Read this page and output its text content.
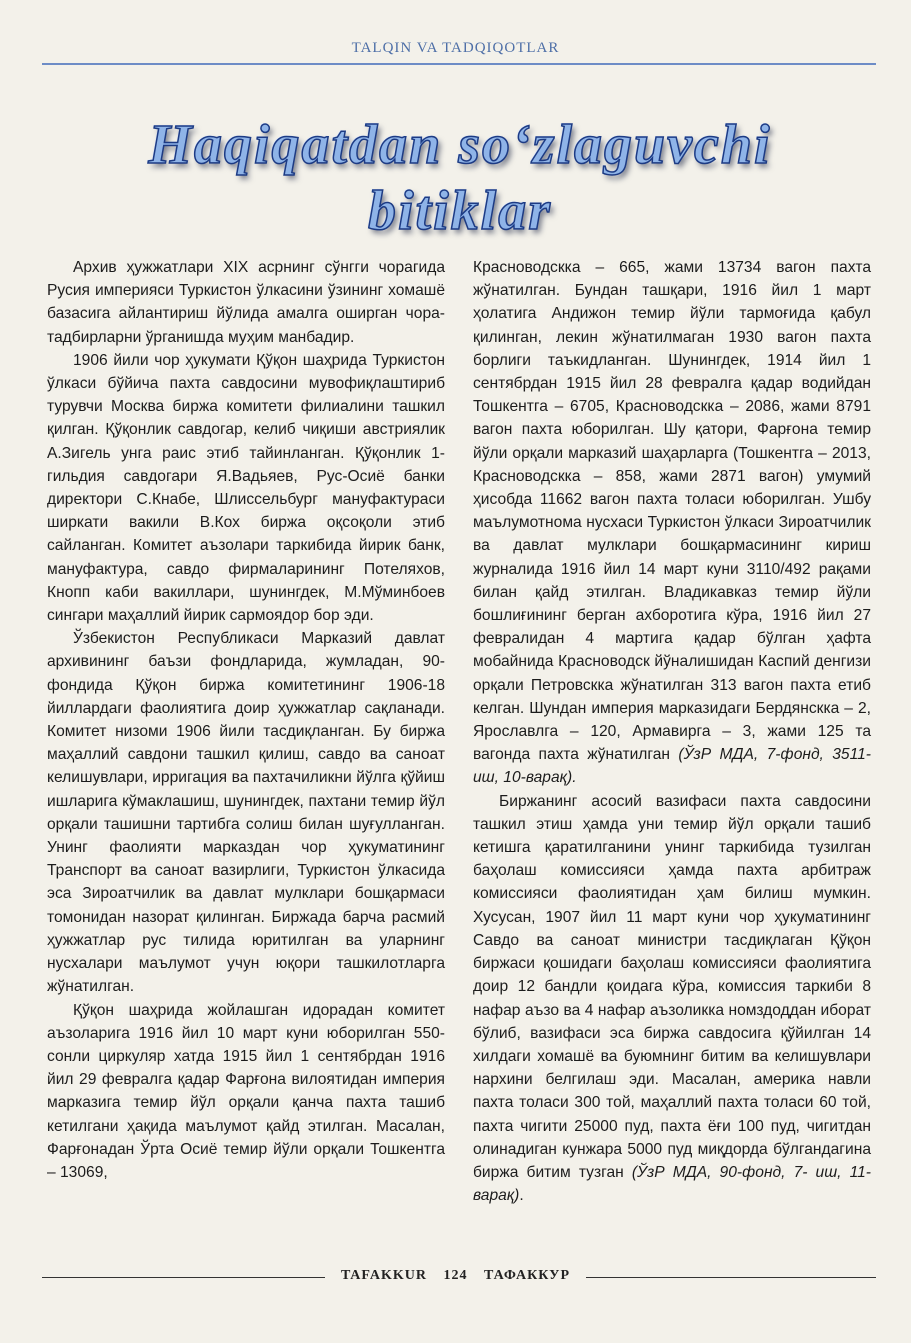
TALQIN VA TADQIQOTLAR
Haqiqatdan so‘zlaguvchi
bitiklar

Архив ҳужжатлари XIX асрнинг сўнгги чорагида Русия империяси Туркистон ўлкасини ўзининг хомашё базасига айлантириш йўлида амалга оширган чора-тадбирларни ўрганишда муҳим манбадир.

1906 йили чор ҳукумати Қўқон шаҳрида Туркистон ўлкаси бўйича пахта савдосини мувофиқлаштириб турувчи Москва биржа комитети филиалини ташкил қилган. Қўқонлик савдогар, келиб чиқиши австриялик А.Зигель унга раис этиб тайинланган. Қўқонлик 1-гильдия савдогари Я.Вадьяев, Рус-Осиё банки директори С.Кнабе, Шлиссельбург мануфактураси ширкати вакили В.Кох биржа оқсоқоли этиб сайланган. Комитет аъзолари таркибида йирик банк, мануфактура, савдо фирмаларининг Потеляхов, Кнопп каби вакиллари, шунингдек, М.Мўминбоев сингари маҳаллий йирик сармоядор бор эди.

Ўзбекистон Республикаси Марказий давлат архивининг баъзи фондларида, жумладан, 90-фондида Қўқон биржа комитетининг 1906-18 йиллардаги фаолиятига доир ҳужжатлар сақланади. Комитет низоми 1906 йили тасдиқланган. Бу биржа маҳаллий савдони ташкил қилиш, савдо ва саноат келишувлари, ирригация ва пахтачиликни йўлга қўйиш ишларига кўмаклашиш, шунингдек, пахтани темир йўл орқали ташишни тартибга солиш билан шуғулланган. Унинг фаолияти марказдан чор ҳукуматининг Транспорт ва саноат вазирлиги, Туркистон ўлкасида эса Зироатчилик ва давлат мулклари бошқармаси томонидан назорат қилинган. Биржада барча расмий ҳужжатлар рус тилида юритилган ва уларнинг нусхалари маълумот учун юқори ташкилотларга жўнатилган.

Қўқон шаҳрида жойлашган идорадан комитет аъзоларига 1916 йил 10 март куни юборилган 550-сонли циркуляр хатда 1915 йил 1 сентябрдан 1916 йил 29 февралга қадар Фарғона вилоятидан империя марказига темир йўл орқали қанча пахта ташиб кетилгани ҳақида маълумот қайд этилган. Масалан, Фарғонадан Ўрта Осиё темир йўли орқали Тошкентга – 13069,

Красноводскка – 665, жами 13734 вагон пахта жўнатилган. Бундан ташқари, 1916 йил 1 март ҳолатига Андижон темир йўли тармоғида қабул қилинган, лекин жўнатилмаган 1930 вагон пахта борлиги таъкидланган. Шунингдек, 1914 йил 1 сентябрдан 1915 йил 28 февралга қадар водийдан Тошкентга – 6705, Красноводскка – 2086, жами 8791 вагон пахта юборилган. Шу қатори, Фарғона темир йўли орқали марказий шаҳарларга (Тошкентга – 2013, Красноводскка – 858, жами 2871 вагон) умумий ҳисобда 11662 вагон пахта толаси юборилган. Ушбу маълумотнома нусхаси Туркистон ўлкаси Зироатчилик ва давлат мулклари бошқармасининг кириш журналида 1916 йил 14 март куни 3110/492 рақами билан қайд этилган. Владикавказ темир йўли бошлиғининг берган ахборотига кўра, 1916 йил 27 февралидан 4 мартига қадар бўлган ҳафта мобайнида Красноводск йўналишидан Каспий денгизи орқали Петровскка жўнатилган 313 вагон пахта етиб келган. Шундан империя марказидаги Бердянскка – 2, Ярославлга – 120, Армавирга – 3, жами 125 та вагонда пахта жўнатилган (ЎзР МДА, 7-фонд, 3511-иш, 10-варақ).

Биржанинг асосий вазифаси пахта савдосини ташкил этиш ҳамда уни темир йўл орқали ташиб кетишга қаратилганини унинг таркибида тузилган баҳолаш комиссияси ҳамда пахта арбитраж комиссияси фаолиятидан ҳам билиш мумкин. Хусусан, 1907 йил 11 март куни чор ҳукуматининг Савдо ва саноат министри тасдиқлаган Қўқон биржаси қошидаги баҳолаш комиссияси фаолиятига доир 12 бандли қоидага кўра, комиссия таркиби 8 нафар аъзо ва 4 нафар аъзоликка номздоддан иборат бўлиб, вазифаси эса биржа савдосига қўйилган 14 хилдаги хомашё ва буюмнинг битим ва келишувлари нархини белгилаш эди. Масалан, америка навли пахта толаси 300 той, маҳаллий пахта толаси 60 той, пахта чигити 25000 пуд, пахта ёғи 100 пуд, чигитдан олинадиган кунжара 5000 пуд миқдорда бўлгандагина биржа битим тузган (ЎзР МДА, 90-фонд, 7- иш, 11-варақ).

TAFAKKUR 124 ТАФАККУР
